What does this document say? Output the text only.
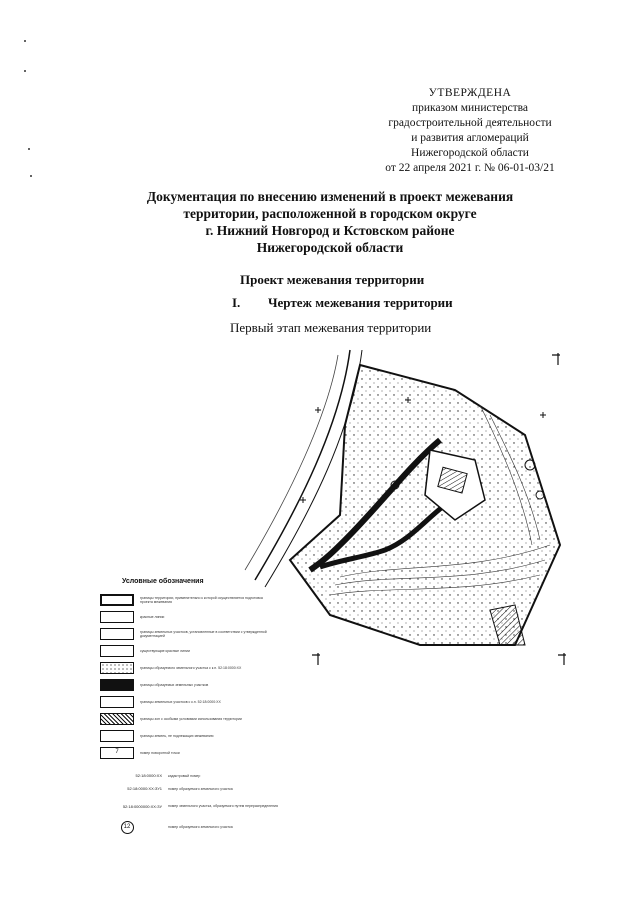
УТВЕРЖДЕНА
приказом министерства
градостроительной деятельности
и развития агломераций
Нижегородской области
от 22 апреля 2021 г. № 06-01-03/21
Документация по внесению изменений в проект межевания
территории, расположенной в городском округе
г. Нижний Новгород и Кстовском районе
Нижегородской области
Проект межевания территории
I. Чертеж межевания территории
Первый этап межевания территории
Условные обозначения
границы территории, применительно к которой осуществляется подготовка проекта межевания
красные линии
границы земельных участков, установленные в соответствии с утвержденной документацией
существующие красные линии
границы образуемого земельного участка с к.н. 52:18:0000:ХХ
границы образуемых земельных участков
границы земельных участков с к.н. 52:18:0000:ХХ
границы зон с особыми условиями использования территории
границы земель, не подлежащих межеванию
7	номер поворотной точки
52:18:0000:ХХ кадастровый номер
52:18:0000:ХХ:ЗУ1 номер образуемого земельного участка
52:18:0000000:ХХ:ЗУ номер земельного участка, образуемого путем перераспределения
12	номер образуемого земельного участка
